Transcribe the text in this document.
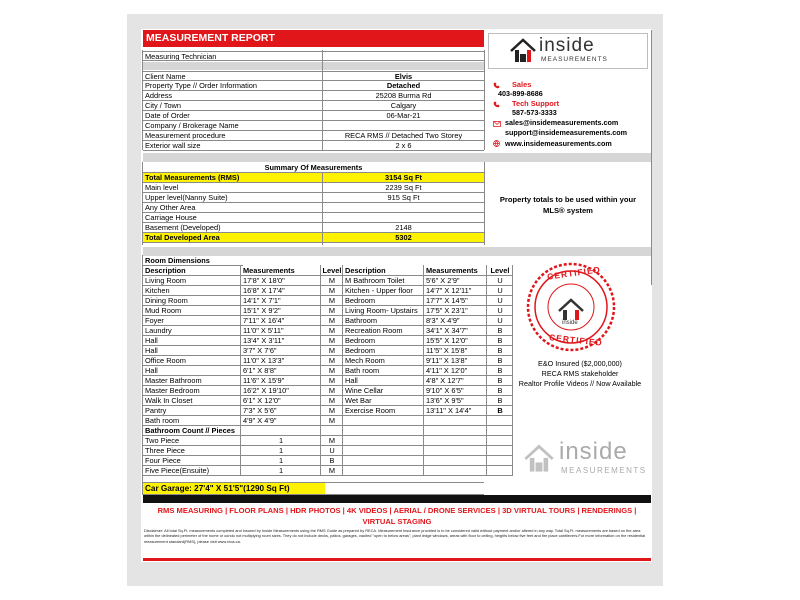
MEASUREMENT REPORT
Measuring Technician
Client Name	Elvis
Property Type // Order Information	Detached
Address	25208 Burma Rd
City / Town	Calgary
Date of Order	06-Mar-21
Company / Brokerage Name
Measurement procedure	RECA RMS // Detached Two Storey
Exterior wall size	2 x 6
inside
MEASUREMENTS
Sales
403-899-8686
Tech Support
587-573-3333
sales@insidemeasurements.com
support@insidemeasurements.com
www.insidemeasurements.com
Summary Of Measurements
Total Measurements (RMS)	3154 Sq Ft
Main level	2239 Sq Ft
Upper level(Nanny Suite)	915 Sq Ft
Any Other Area
Carriage House
Basement (Developed)	2148
Total Developed Area	5302
Property totals to be used within your MLS® system
Room Dimensions
Description	Measurements	Level Description	Measurements	Level
Living Room	17'8" X 18'0"	M	M Bathroom Toilet	5'6" X 2'9"	U
Kitchen	16'8" X 17'4"	M	Kitchen - Upper floor	14'7" X 12'11"	U
Dining Room	14'1" X 7'1"	M	Bedroom	17'7" X 14'5"	U
Mud Room	15'1" X 9'2"	M	Living Room- Upstairs	17'5" X 23'1"	U
Foyer	7'11" X 16'4"	M	Bathroom	8'3" X 4'9"	U
Laundry	11'0" X 5'11"	M	Recreation Room	34'1" X 34'7"	B
Hall	13'4" X 3'11"	M	Bedroom	15'5" X 12'0"	B
Hall	3'7" X 7'6"	M	Bedroom	11'5" X 15'8"	B
Office Room	11'0" X 13'3"	M	Mech Room	9'11" X 13'8"	B
Hall	6'1" X 8'8"	M	Bath room	4'11" X 12'0"	B
Master Bathroom	11'6" X 15'9"	M	Hall	4'8" X 12'7"	B
Master Bedroom	16'2" X 19'10"	M	Wine Cellar	9'10" X 6'5"	B
Walk In Closet	6'1" X 12'0"	M	Wet Bar	13'6" X 9'5"	B
Pantry	7'3" X 5'6"	M	Exercise Room	13'11" X 14'4"	B
Bath room	4'9" X 4'9"	M
Bathroom Count // Pieces
Two Piece	1	M
Three Piece	1	U
Four Piece	1	B
Five Piece(Ensuite)	1	M
CERTIFIED
CERTIFIED
inside
E&O Insured ($2,000,000)
RECA RMS stakeholder
Realtor Profile Videos // Now Available
inside
MEASUREMENTS
Car Garage: 27'4" X 51'5"(1290 Sq Ft)
RMS MEASURING | FLOOR PLANS | HDR PHOTOS | 4K VIDEOS | AERIAL / DRONE SERVICES | 3D VIRTUAL TOURS | RENDERINGS | VIRTUAL STAGING
Disclaimer: All total Sq.Ft. measurements completed and insured by Inside Measurements using the RMS Guide as prepared by RECA. Measurement Insurance provided is to be considered valid without payment and/or altered in any way. Total Sq.Ft. measurements are based on the area within the delineated perimeter of the home or condo not multiplying room sizes. They do not include decks, patios, garages, vaulted "open to below areas", plant ledge windows, areas with floor to ceiling, heights below five feet and fire place cantilevers.For more information on the residential measurement standard(RMS), please visit www.reca.ca.
